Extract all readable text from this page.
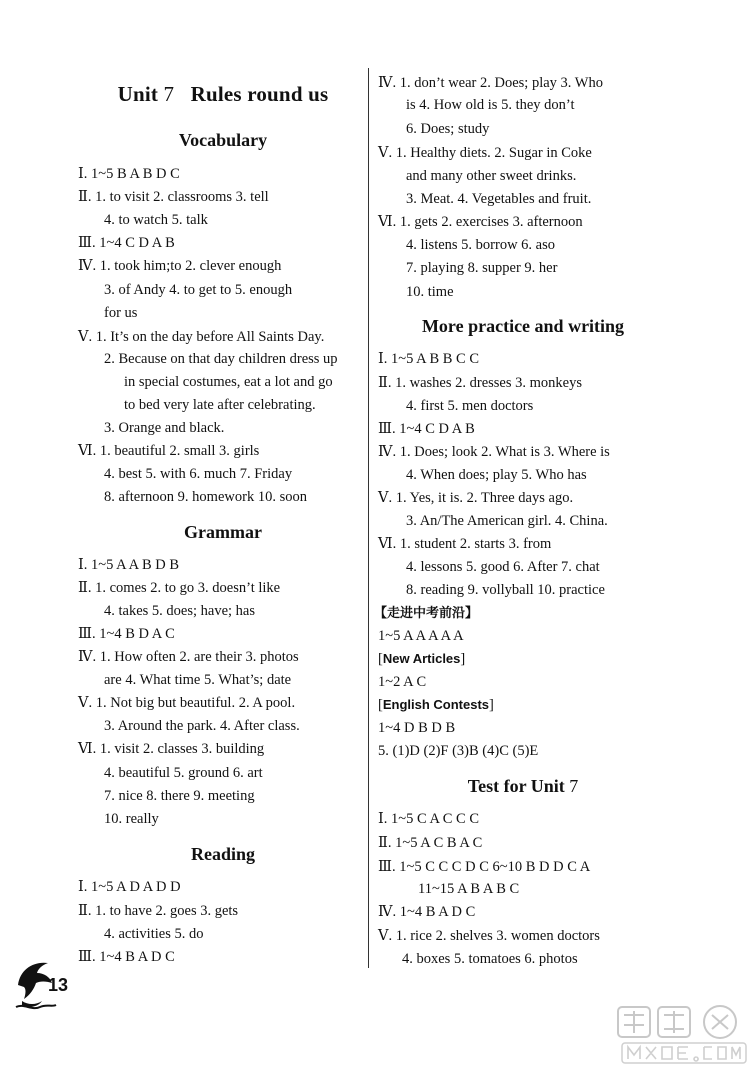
Unit 7 Rules round us
Vocabulary
Ⅰ. 1~5 B A B D C
Ⅱ. 1. to visit 2. classrooms 3. tell
4. to watch 5. talk
Ⅲ. 1~4 C D A B
Ⅳ. 1. took him;to 2. clever enough
3. of Andy 4. to get to 5. enough
for us
Ⅴ. 1. It’s on the day before All Saints Day.
2. Because on that day children dress up
in special costumes, eat a lot and go
to bed very late after celebrating.
3. Orange and black.
Ⅵ. 1. beautiful 2. small 3. girls
4. best 5. with 6. much 7. Friday
8. afternoon 9. homework 10. soon
Grammar
Ⅰ. 1~5 A A B D B
Ⅱ. 1. comes 2. to go 3. doesn’t like
4. takes 5. does; have; has
Ⅲ. 1~4 B D A C
Ⅳ. 1. How often 2. are their 3. photos
are 4. What time 5. What’s; date
Ⅴ. 1. Not big but beautiful. 2. A pool.
3. Around the park. 4. After class.
Ⅵ. 1. visit 2. classes 3. building
4. beautiful 5. ground 6. art
7. nice 8. there 9. meeting
10. really
Reading
Ⅰ. 1~5 A D A D D
Ⅱ. 1. to have 2. goes 3. gets
4. activities 5. do
Ⅲ. 1~4 B A D C
Ⅳ. 1. don’t wear 2. Does; play 3. Who
is 4. How old is 5. they don’t
6. Does; study
Ⅴ. 1. Healthy diets. 2. Sugar in Coke
and many other sweet drinks.
3. Meat. 4. Vegetables and fruit.
Ⅵ. 1. gets 2. exercises 3. afternoon
4. listens 5. borrow 6. aso
7. playing 8. supper 9. her
10. time
More practice and writing
Ⅰ. 1~5 A B B C C
Ⅱ. 1. washes 2. dresses 3. monkeys
4. first 5. men doctors
Ⅲ. 1~4 C D A B
Ⅳ. 1. Does; look 2. What is 3. Where is
4. When does; play 5. Who has
Ⅴ. 1. Yes, it is. 2. Three days ago.
3. An/The American girl. 4. China.
Ⅵ. 1. student 2. starts 3. from
4. lessons 5. good 6. After 7. chat
8. reading 9. vollyball 10. practice
【走进中考前沿】
1~5 A A A A A
[New Articles]
1~2 A C
[English Contests]
1~4 D B D B
5. (1)D (2)F (3)B (4)C (5)E
Test for Unit 7
Ⅰ. 1~5 C A C C C
Ⅱ. 1~5 A C B A C
Ⅲ. 1~5 C C C D C 6~10 B D D C A
11~15 A B A B C
Ⅳ. 1~4 B A D C
Ⅴ. 1. rice 2. shelves 3. women doctors
4. boxes 5. tomatoes 6. photos
13
